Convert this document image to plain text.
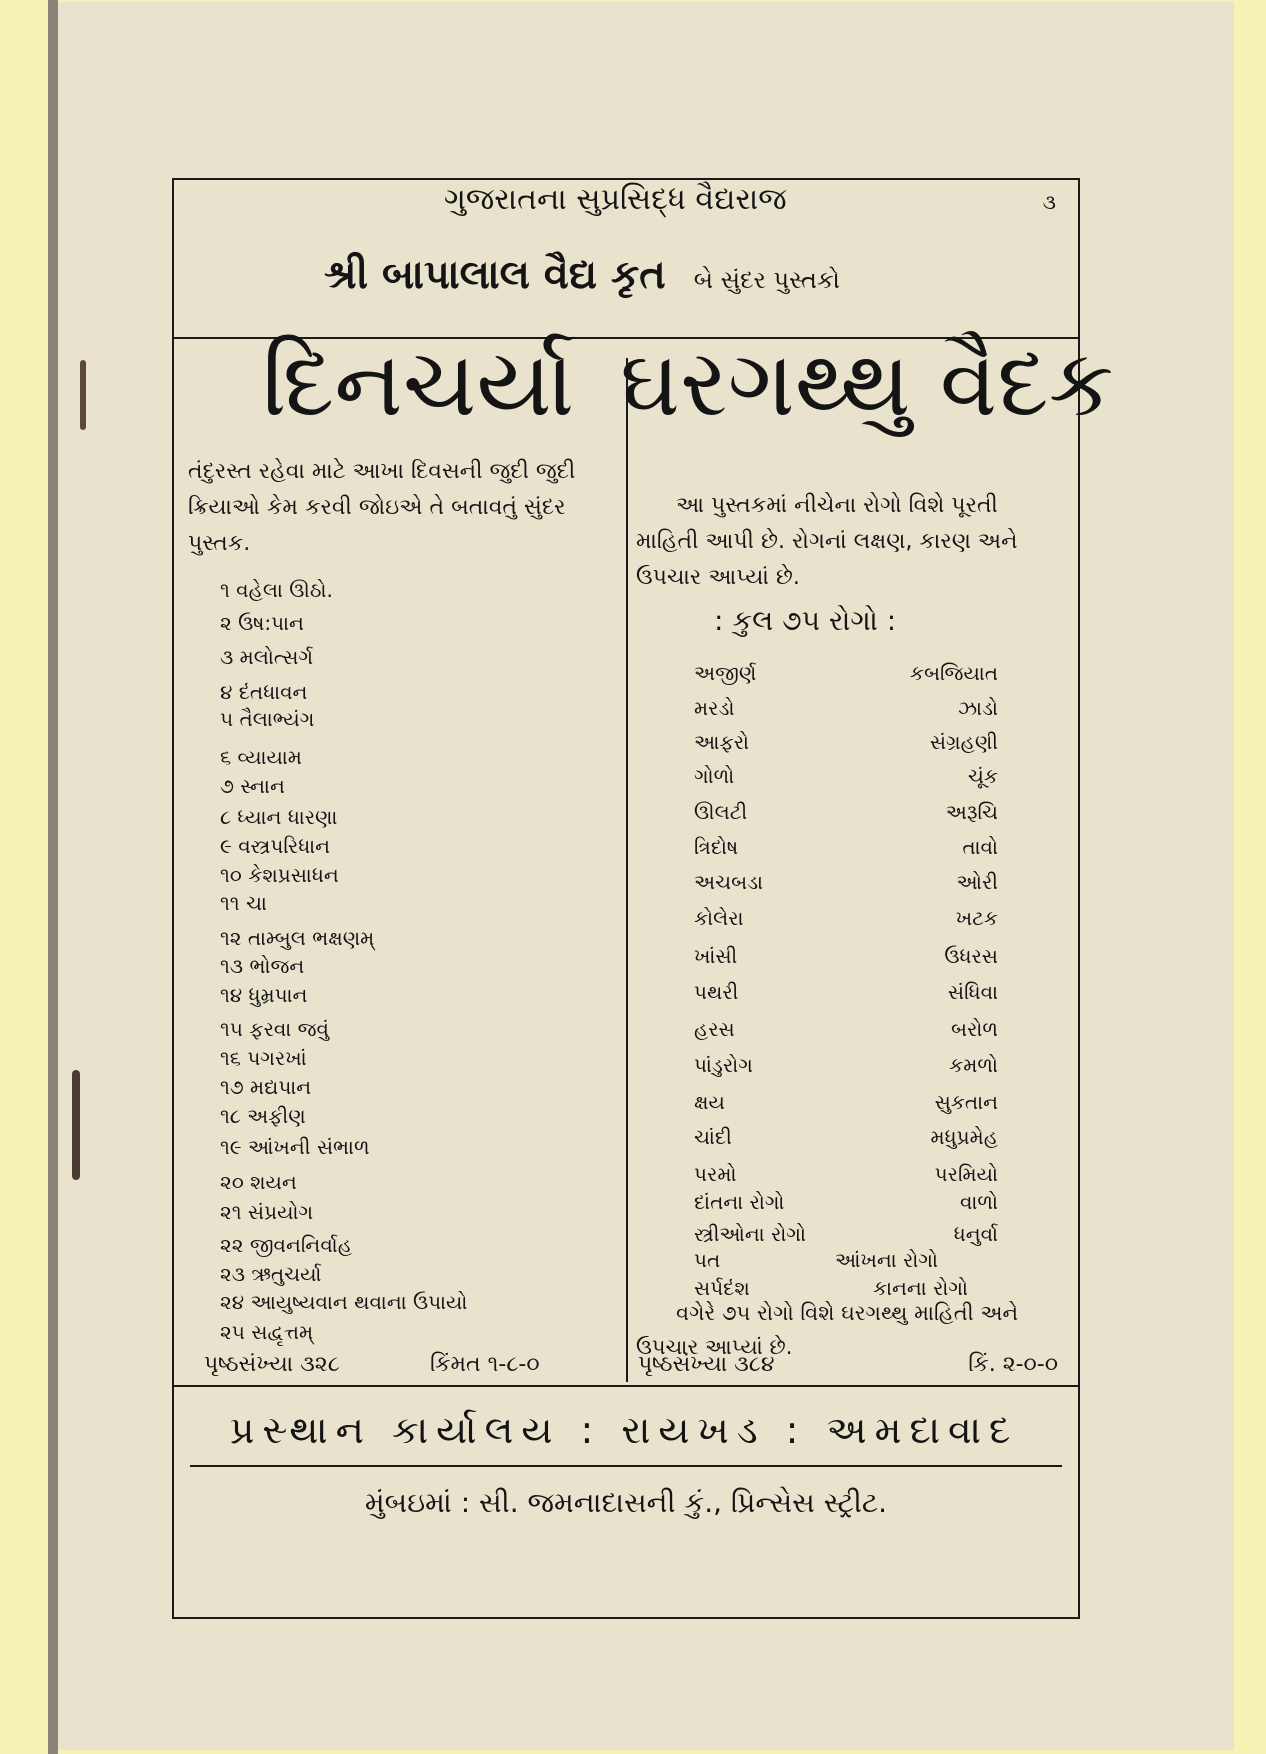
ગુજરાતના સુપ્રસિદ્ધ વૈદ્યરાજ	૩
શ્રી બાપાલાલ વૈદ્ય કૃત બે સુંદર પુસ્તકો
દિનચર્યા
તંદુરસ્ત રહેવા માટે આખા દિવસની જુદી જુદી ક્રિયાઓ કેમ કરવી જોઇએ તે બતાવતું સુંદર પુસ્તક.
૧ વહેલા ઊઠો.
૨ ઉષ:પાન
૩ મલોત્સર્ગ
૪ દંતધાવન
૫ તૈલાભ્યંગ
૬ વ્યાયામ
૭ સ્નાન
૮ ધ્યાન ધારણા
૯ વસ્ત્રપરિધાન
૧૦ કેશપ્રસાધન
૧૧ ચા
૧૨ તામ્બુલ ભક્ષણમ્
૧૩ ભોજન
૧૪ ધુમ્રપાન
૧૫ ફરવા જવું
૧૬ પગરખાં
૧૭ મદ્યપાન
૧૮ અફીણ
૧૯ આંખની સંભાળ
૨૦ શયન
૨૧ સંપ્રયોગ
૨૨ જીવનનિર્વાહ
૨૩ ઋતુચર્યા
૨૪ આયુષ્યવાન થવાના ઉપાયો
૨૫ સદ્વૃત્તમ્
પૃષ્ઠસંખ્યા ૩૨૮	કિંમત ૧-૮-૦
ઘરગથ્થુ વૈદક
આ પુસ્તકમાં નીચેના રોગો વિશે પૂરતી માહિતી આપી છે. રોગનાં લક્ષણ, કારણ અને ઉપચાર આપ્યાં છે.
: કુલ ૭૫ રોગો :
અજીર્ણ	કબજિયાત
મરડો	ઝાડો
આફરો	સંગ્રહણી
ગોળો	ચૂંક
ઊલટી	અરૂચિ
ત્રિદોષ	તાવો
અચબડા	ઓરી
કોલેરા	ખટક
ખાંસી	ઉધરસ
પથરી	સંધિવા
હરસ	બરોળ
પાંડુરોગ	કમળો
ક્ષય	સુકતાન
ચાંદી	મધુપ્રમેહ
પરમો	પરમિયો
દાંતના રોગો	વાળો
સ્ત્રીઓના રોગો	ધનુર્વા
પત	આંખના રોગો
સર્પદંશ	કાનના રોગો
વગેરે ૭૫ રોગો વિશે ઘરગથ્થુ માહિતી અને ઉપચાર આપ્યાં છે.
પૃષ્ઠસંખ્યા ૩૮૪	કિં. ૨-૦-૦
પ્રસ્થાન કાર્યાલય : રાયખડ : અમદાવાદ
મુંબઇમાં : સી. જમનાદાસની કું., પ્રિન્સેસ સ્ટ્રીટ.
